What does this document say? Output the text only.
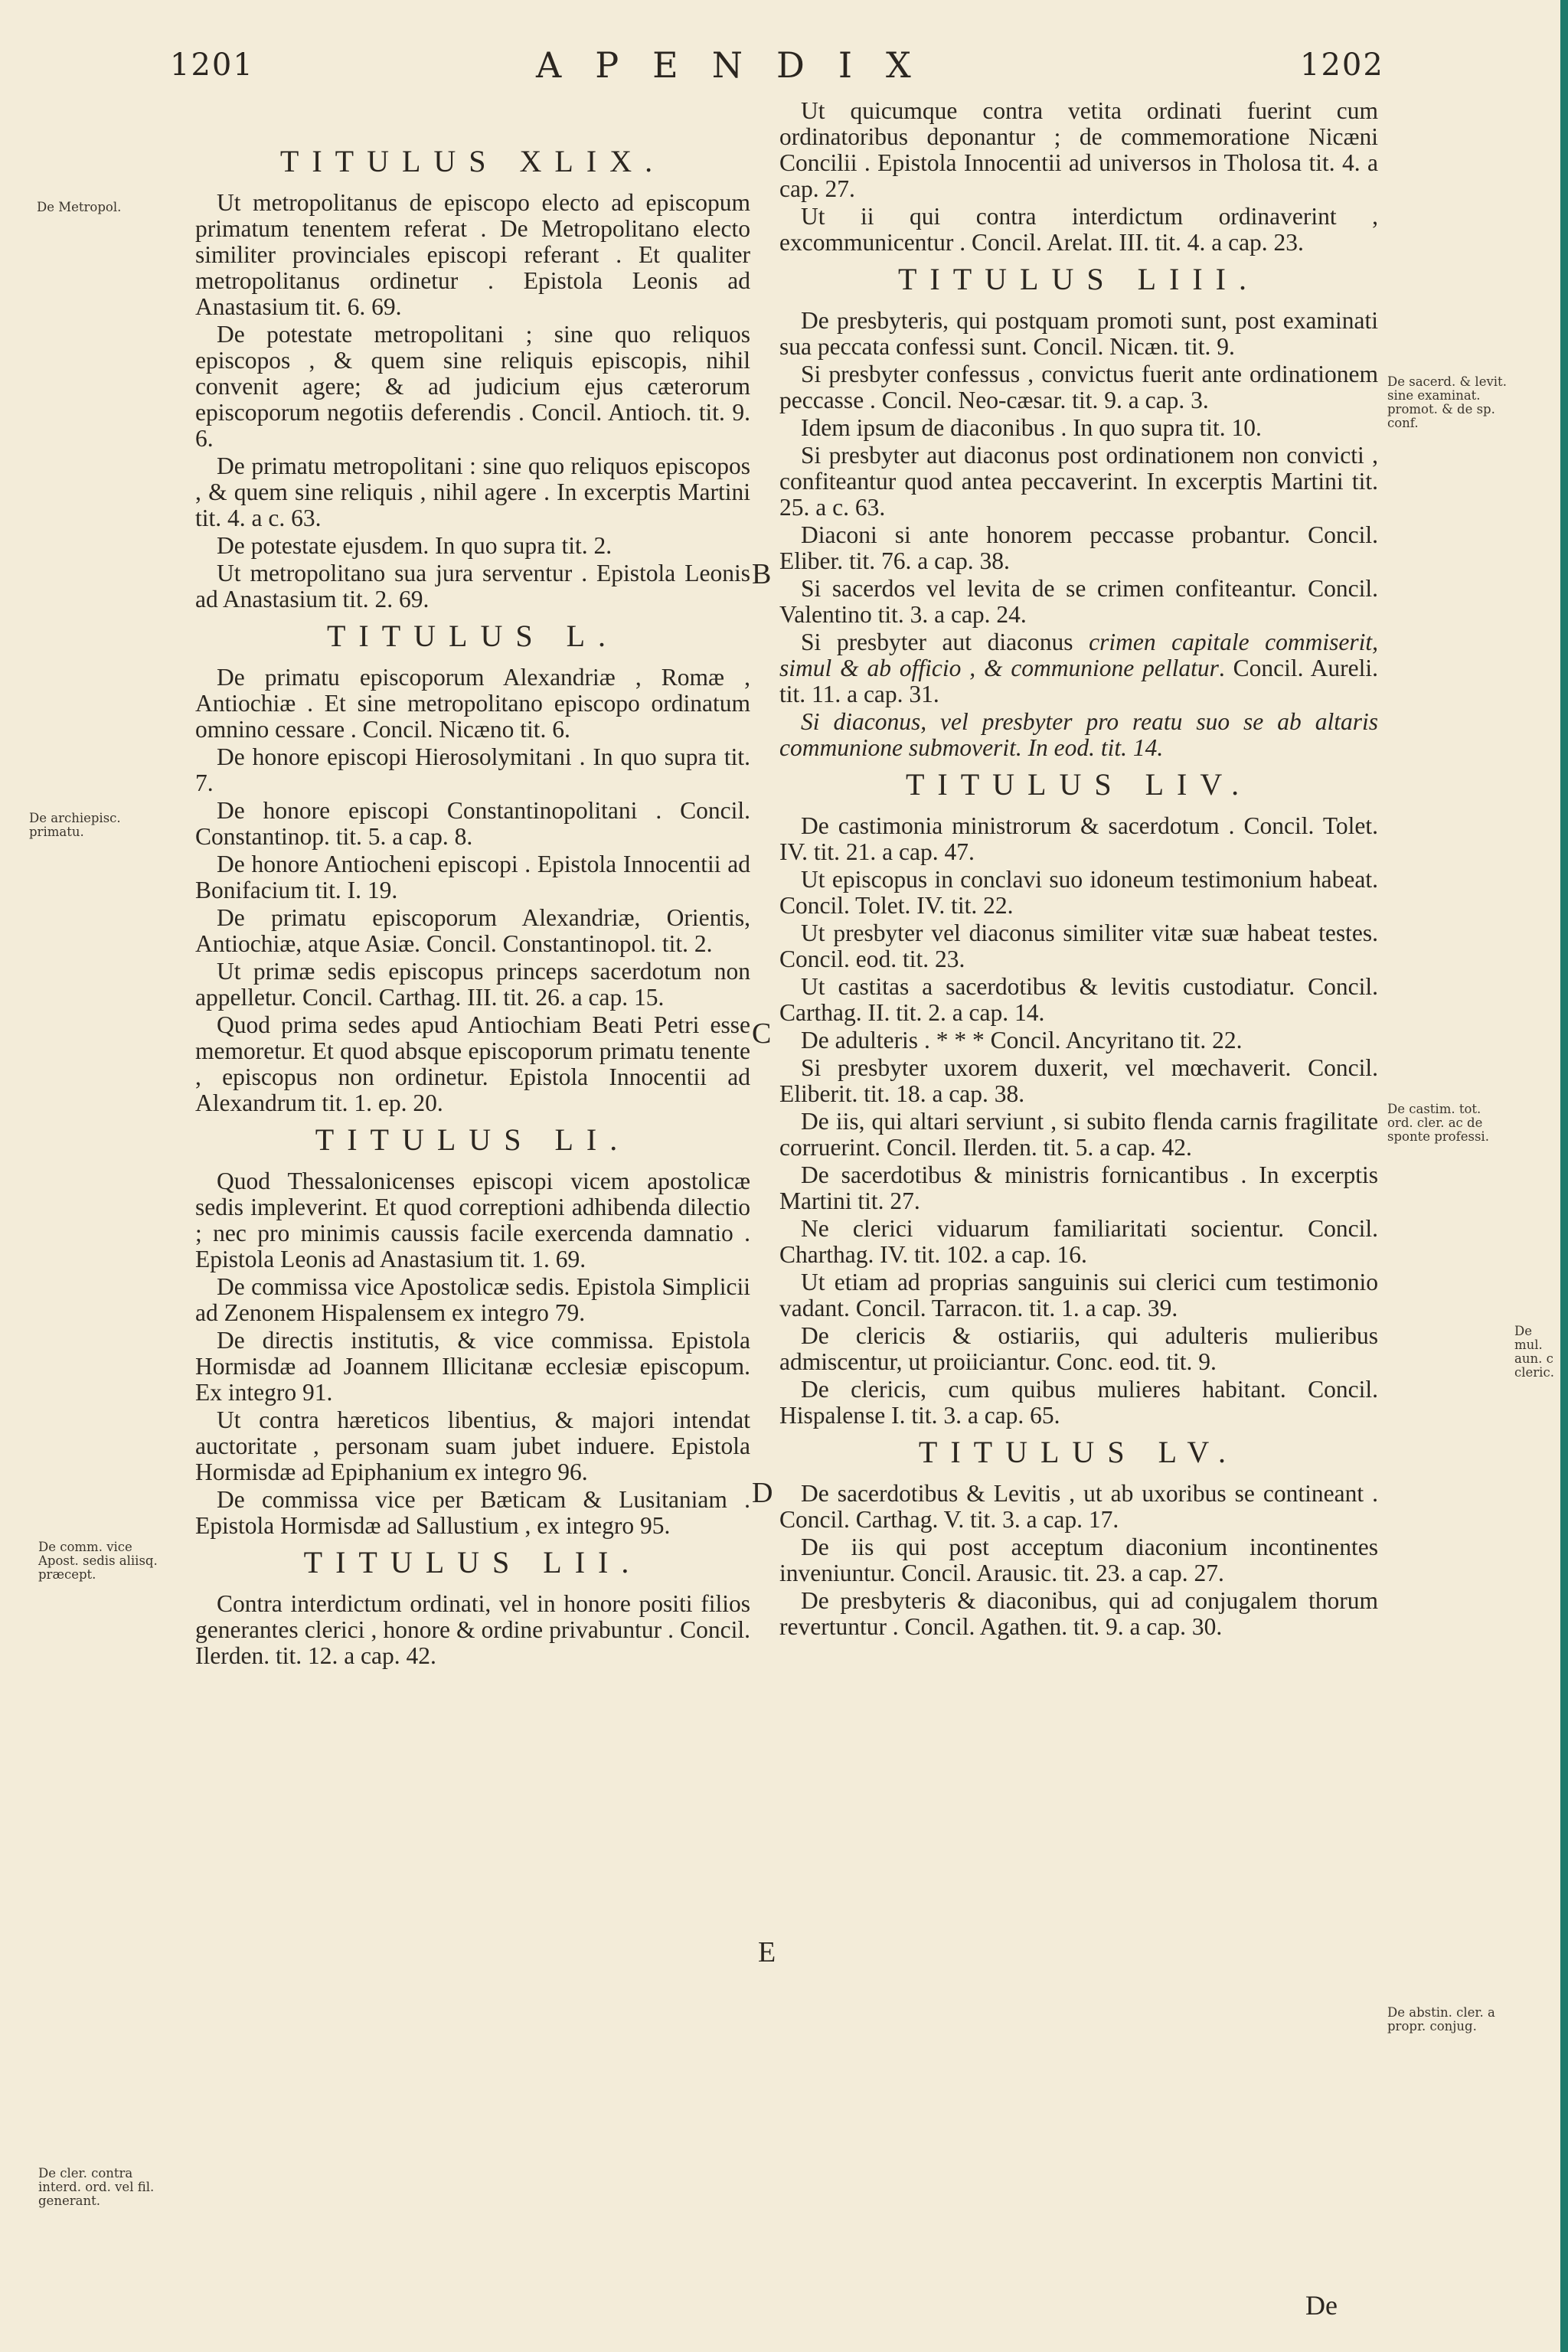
1201	APENDIX	1202
TITULUS XLIX.

Ut metropolitanus de episcopo electo ad episcopum primatum tenentem referat . De Metropolitano electo similiter provinciales episcopi referant . Et qualiter metropolitanus ordinetur . Epistola Leonis ad Anastasium tit. 6. 69.

De potestate metropolitani ; sine quo reliquos episcopos , & quem sine reliquis episcopis, nihil convenit agere; & ad judicium ejus cæterorum episcoporum negotiis deferendis . Concil. Antioch. tit. 9. 6.

De primatu metropolitani : sine quo reliquos episcopos , & quem sine reliquis , nihil agere . In excerptis Martini tit. 4. a c. 63.

De potestate ejusdem. In quo supra tit. 2.

Ut metropolitano sua jura serventur . Epistola Leonis ad Anastasium tit. 2. 69.

TITULUS L.

De primatu episcoporum Alexandriæ , Romæ , Antiochiæ . Et sine metropolitano episcopo ordinatum omnino cessare . Concil. Nicæno tit. 6.

De honore episcopi Hierosolymitani . In quo supra tit. 7.

De honore episcopi Constantinopolitani . Concil. Constantinop. tit. 5. a cap. 8.

De honore Antiocheni episcopi . Epistola Innocentii ad Bonifacium tit. I. 19.

De primatu episcoporum Alexandriæ, Orientis, Antiochiæ, atque Asiæ. Concil. Constantinopol. tit. 2.

Ut primæ sedis episcopus princeps sacerdotum non appelletur. Concil. Carthag. III. tit. 26. a cap. 15.

Quod prima sedes apud Antiochiam Beati Petri esse memoretur. Et quod absque episcoporum primatu tenente , episcopus non ordinetur. Epistola Innocentii ad Alexandrum tit. 1. ep. 20.

TITULUS LI.

Quod Thessalonicenses episcopi vicem apostolicæ sedis impleverint. Et quod correptioni adhibenda dilectio ; nec pro minimis caussis facile exercenda damnatio . Epistola Leonis ad Anastasium tit. 1. 69.

De commissa vice Apostolicæ sedis. Epistola Simplicii ad Zenonem Hispalensem ex integro 79.

De directis institutis, & vice commissa. Epistola Hormisdæ ad Joannem Illicitanæ ecclesiæ episcopum. Ex integro 91.

Ut contra hæreticos libentius, & majori intendat auctoritate , personam suam jubet induere. Epistola Hormisdæ ad Epiphanium ex integro 96.

De commissa vice per Bæticam & Lusitaniam . Epistola Hormisdæ ad Sallustium , ex integro 95.

TITULUS LII.

Contra interdictum ordinati, vel in honore positi filios generantes clerici , honore & ordine privabuntur . Concil. Ilerden. tit. 12. a cap. 42.

Ut quicumque contra vetita ordinati fuerint cum ordinatoribus deponantur ; de commemoratione Nicæni Concilii . Epistola Innocentii ad universos in Tholosa tit. 4. a cap. 27.

Ut ii qui contra interdictum ordinaverint , excommunicentur . Concil. Arelat. III. tit. 4. a cap. 23.

TITULUS LIII.

De presbyteris, qui postquam promoti sunt, post examinati sua peccata confessi sunt. Concil. Nicæn. tit. 9.

Si presbyter confessus , convictus fuerit ante ordinationem peccasse . Concil. Neo-cæsar. tit. 9. a cap. 3.

Idem ipsum de diaconibus . In quo supra tit. 10.

Si presbyter aut diaconus post ordinationem non convicti , confiteantur quod antea peccaverint. In excerptis Martini tit. 25. a c. 63.

Diaconi si ante honorem peccasse probantur. Concil. Eliber. tit. 76. a cap. 38.

Si sacerdos vel levita de se crimen confiteantur. Concil. Valentino tit. 3. a cap. 24.

Si presbyter aut diaconus crimen capitale commiserit, simul & ab officio , & communione pellatur. Concil. Aureli. tit. 11. a cap. 31.

Si diaconus, vel presbyter pro reatu suo se ab altaris communione submoverit. In eod. tit. 14.

TITULUS LIV.

De castimonia ministrorum & sacerdotum . Concil. Tolet. IV. tit. 21. a cap. 47.

Ut episcopus in conclavi suo idoneum testimonium habeat. Concil. Tolet. IV. tit. 22.

Ut presbyter vel diaconus similiter vitæ suæ habeat testes. Concil. eod. tit. 23.

Ut castitas a sacerdotibus & levitis custodiatur. Concil. Carthag. II. tit. 2. a cap. 14.

De adulteris . * * * Concil. Ancyritano tit. 22.

Si presbyter uxorem duxerit, vel mœchaverit. Concil. Eliberit. tit. 18. a cap. 38.

De iis, qui altari serviunt , si subito flenda carnis fragilitate corruerint. Concil. Ilerden. tit. 5. a cap. 42.

De sacerdotibus & ministris fornicantibus . In excerptis Martini tit. 27.

Ne clerici viduarum familiaritati socientur. Concil. Charthag. IV. tit. 102. a cap. 16.

Ut etiam ad proprias sanguinis sui clerici cum testimonio vadant. Concil. Tarracon. tit. 1. a cap. 39.

De clericis & ostiariis, qui adulteris mulieribus admiscentur, ut proiiciantur. Conc. eod. tit. 9.

De clericis, cum quibus mulieres habitant. Concil. Hispalense I. tit. 3. a cap. 65.

TITULUS LV.

De sacerdotibus & Levitis , ut ab uxoribus se contineant . Concil. Carthag. V. tit. 3. a cap. 17.

De iis qui post acceptum diaconium incontinentes inveniuntur. Concil. Arausic. tit. 23. a cap. 27.

De presbyteris & diaconibus, qui ad conjugalem thorum revertuntur . Concil. Agathen. tit. 9. a cap. 30.

De Metropol.
De archiepisc. primatu.
De comm. vice Apost. sedis aliisq. præcept.
De cler. contra interd. ord. vel fil. generant.
De sacerd. & levit. sine examinat. promot. & de sp. conf.
De castim. tot. ord. cler. ac de sponte professi.
De mul. aun. c cleric.
De abstin. cler. a propr. conjug.
B
C
D
E
De
